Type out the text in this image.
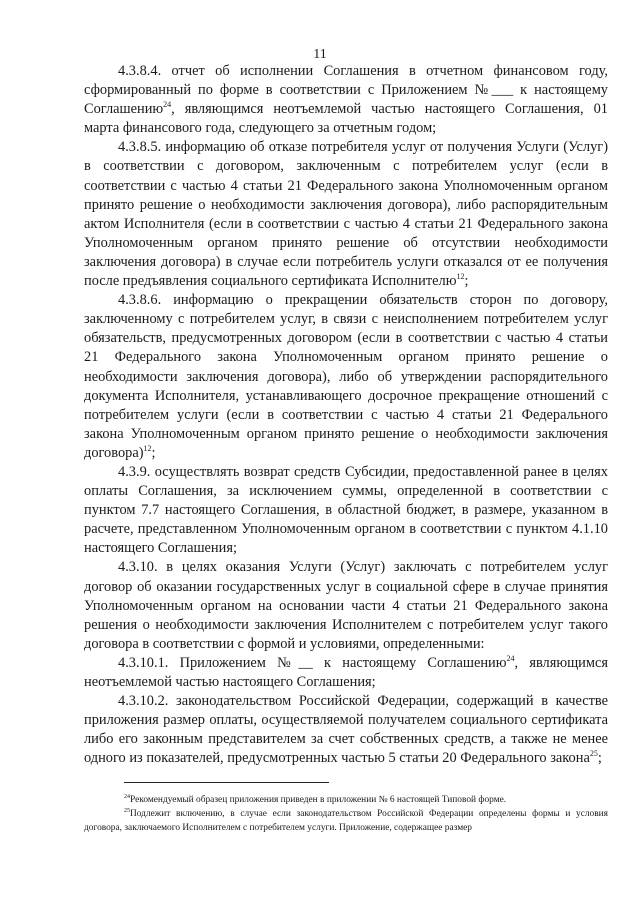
11

4.3.8.4. отчет об исполнении Соглашения в отчетном финансовом году, сформированный по форме в соответствии с Приложением №___ к настоящему Соглашению$^{24}$, являющимся неотъемлемой частью настоящего Соглашения, 01 марта финансового года, следующего за отчетным годом;

4.3.8.5. информацию об отказе потребителя услуг от получения Услуги (Услуг) в соответствии с договором, заключенным с потребителем услуг (если в соответствии с частью 4 статьи 21 Федерального закона Уполномоченным органом принято решение о необходимости заключения договора), либо распорядительным актом Исполнителя (если в соответствии с частью 4 статьи 21 Федерального закона Уполномоченным органом принято решение об отсутствии необходимости заключения договора) в случае если потребитель услуги отказался от ее получения после предъявления социального сертификата Исполнителю$^{12}$;

4.3.8.6. информацию о прекращении обязательств сторон по договору, заключенному с потребителем услуг, в связи с неисполнением потребителем услуг обязательств, предусмотренных договором (если в соответствии с частью 4 статьи 21 Федерального закона Уполномоченным органом принято решение о необходимости заключения договора), либо об утверждении распорядительного документа Исполнителя, устанавливающего досрочное прекращение отношений с потребителем услуги (если в соответствии с частью 4 статьи 21 Федерального закона Уполномоченным органом принято решение о необходимости заключения договора)$^{12}$;

4.3.9. осуществлять возврат средств Субсидии, предоставленной ранее в целях оплаты Соглашения, за исключением суммы, определенной в соответствии с пунктом 7.7 настоящего Соглашения, в областной бюджет, в размере, указанном в расчете, представленном Уполномоченным органом в соответствии с пунктом 4.1.10 настоящего Соглашения;

4.3.10. в целях оказания Услуги (Услуг) заключать с потребителем услуг договор об оказании государственных услуг в социальной сфере в случае принятия Уполномоченным органом на основании части 4 статьи 21 Федерального закона решения о необходимости заключения Исполнителем с потребителем услуг такого договора в соответствии с формой и условиями, определенными:

4.3.10.1. Приложением №__ к настоящему Соглашению$^{24}$, являющимся неотъемлемой частью настоящего Соглашения;

4.3.10.2. законодательством Российской Федерации, содержащий в качестве приложения размер оплаты, осуществляемой получателем социального сертификата либо его законным представителем за счет собственных средств, а также не менее одного из показателей, предусмотренных частью 5 статьи 20 Федерального закона$^{25}$;

$^{24}$Рекомендуемый образец приложения приведен в приложении № 6 настоящей Типовой форме.

$^{25}$Подлежит включению, в случае если законодательством Российской Федерации определены формы и условия договора, заключаемого Исполнителем с потребителем услуги. Приложение, содержащее размер
